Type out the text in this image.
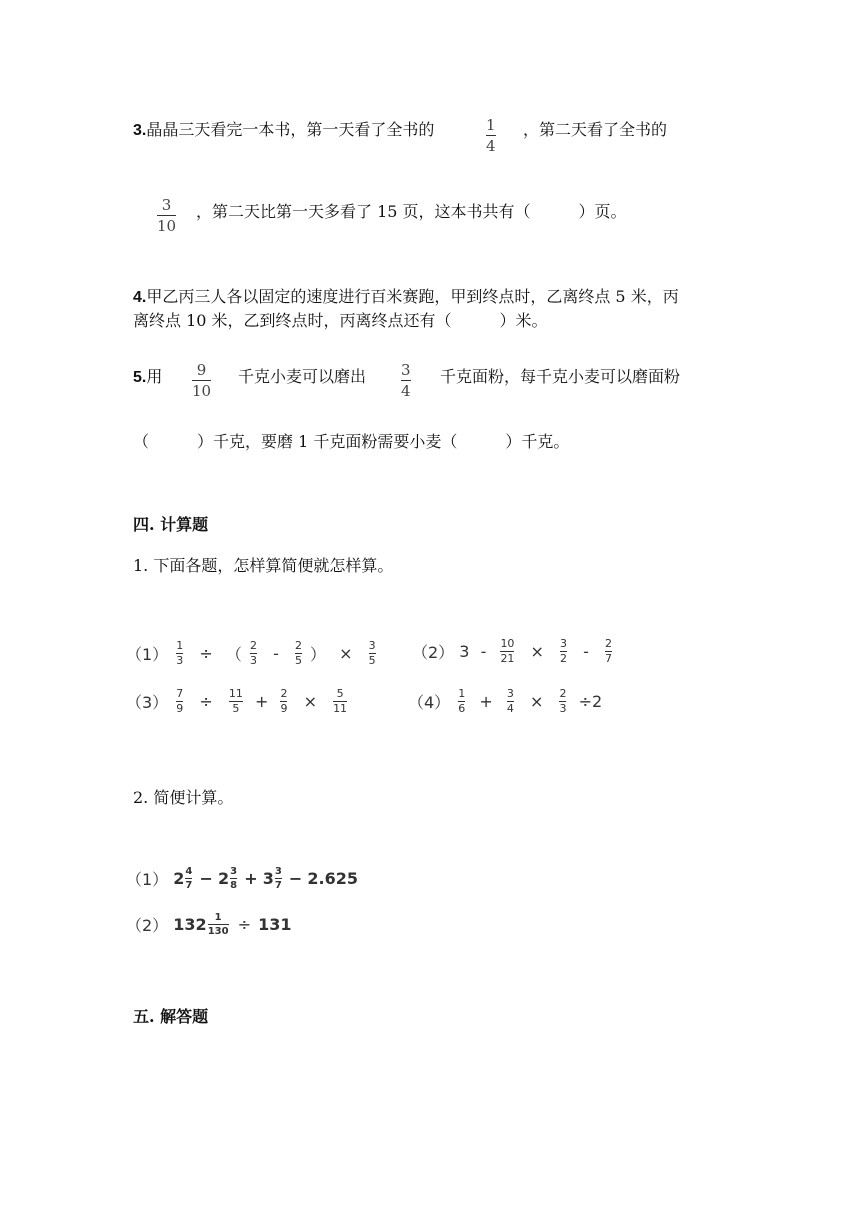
3.晶晶三天看完一本书，第一天看了全书的	1
4
，第二天看了全书的
3
10
，第二天比第一天多看了 15 页，这本书共有（　　　）页。
4.甲乙丙三人各以固定的速度进行百米赛跑，甲到终点时，乙离终点 5 米，丙
离终点 10 米，乙到终点时，丙离终点还有（　　　）米。
5.用 9
10
千克小麦可以磨出 3
4
千克面粉，每千克小麦可以磨面粉
（　　　）千克，要磨 1 千克面粉需要小麦（　　　）千克。
四. 计算题
1. 下面各题，怎样算简便就怎样算。
$(1) \frac{1}{3}$ ÷ （ $\frac{2}{3} - \frac{2}{5}$ ） × $\frac{3}{5} (2)$ $3 - \frac{10}{21} \times \frac{3}{2} - \frac{2}{7}$
$(3) \frac{7}{9} \div \frac{11}{5} + \frac{2}{9} \times \frac{5}{11}$	$(4) \frac{1}{6} + \frac{3}{4} \times \frac{2}{3} \div 2$
2. 简便计算。
（1） 2 4
7 − 2 3
8 + 3 3
7 − 2.625
（2） 132 1
130 ÷ 131
五. 解答题
